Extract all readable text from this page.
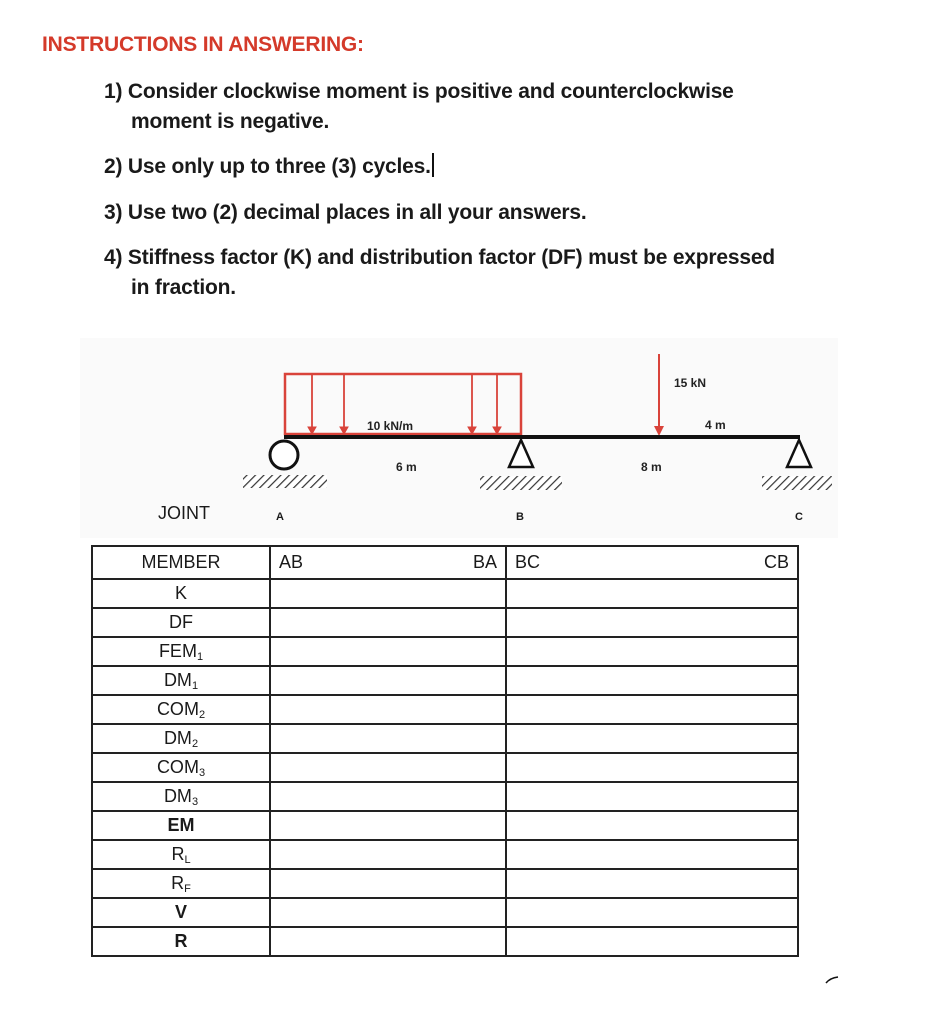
INSTRUCTIONS IN ANSWERING:
1) Consider clockwise moment is positive and counterclockwise
moment is negative.
2) Use only up to three (3) cycles.
3) Use two (2) decimal places in all your answers.
4) Stiffness factor (K) and distribution factor (DF) must be expressed
in fraction.
10 kN/m
15 kN
6 m	8 m
4 m
JOINT	A	B	C
MEMBER	AB BA	BC CB

K		
DF		
$FEM_1$		
$DM_1$		
$COM_2$		
$DM_2$		
$COM_3$		
$DM_3$		
EM		
$R_L$		
$R_F$		
V		
R		
